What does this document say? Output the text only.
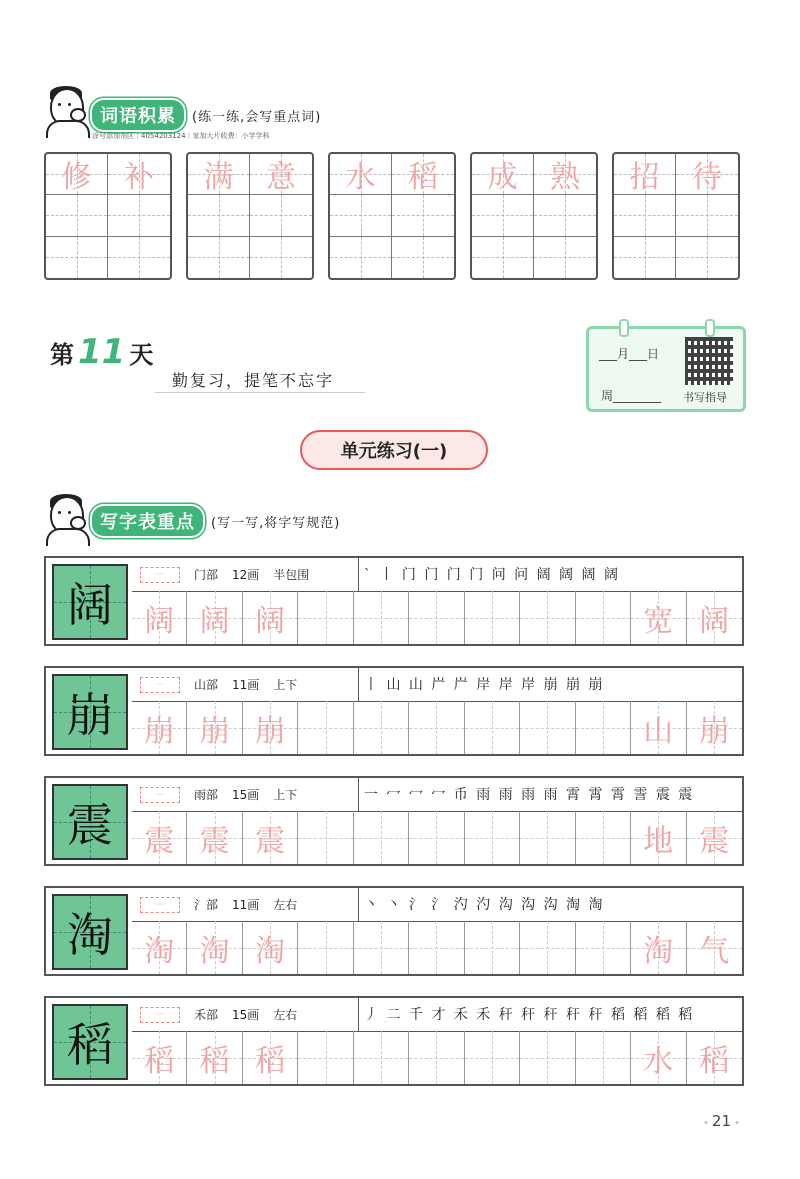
词语积累	(练一练,会写重点词)
涂号添加剂区｜4054203124｜家加大片收费：小学学科
修	补	满	意	水	稻	成	熟	招	待
第 11 天
勤复习，提笔不忘字
___月___日
周________ 书写指导
单元练习(一)
写字表重点	(写一写,将字写规范)
阔
····	门部 12画 半包围	` 丨 门 门 门 门 问 问 阔 阔 阔 阔
阔 阔 阔	宽 阔
崩
····	山部 11画 上下	丨 山 山 屵 屵 岸 岸 岸 崩 崩 崩
崩 崩 崩	山 崩
震
····	雨部 15画 上下	一 冖 冖 冖 币 雨 雨 雨 雨 霄 霄 霄 霅 震 震
震 震 震	地 震
淘
····	氵部 11画 左右	丶 丶 氵 氵 汋 汋 沟 沟 沟 淘 淘
淘 淘 淘	淘 气
稻
····	禾部 15画 左右	丿 二 千 才 禾 禾 秆 秆 秆 秆 秆 稻 稻 稻 稻
稻 稻 稻	水 稻
• 21 •
